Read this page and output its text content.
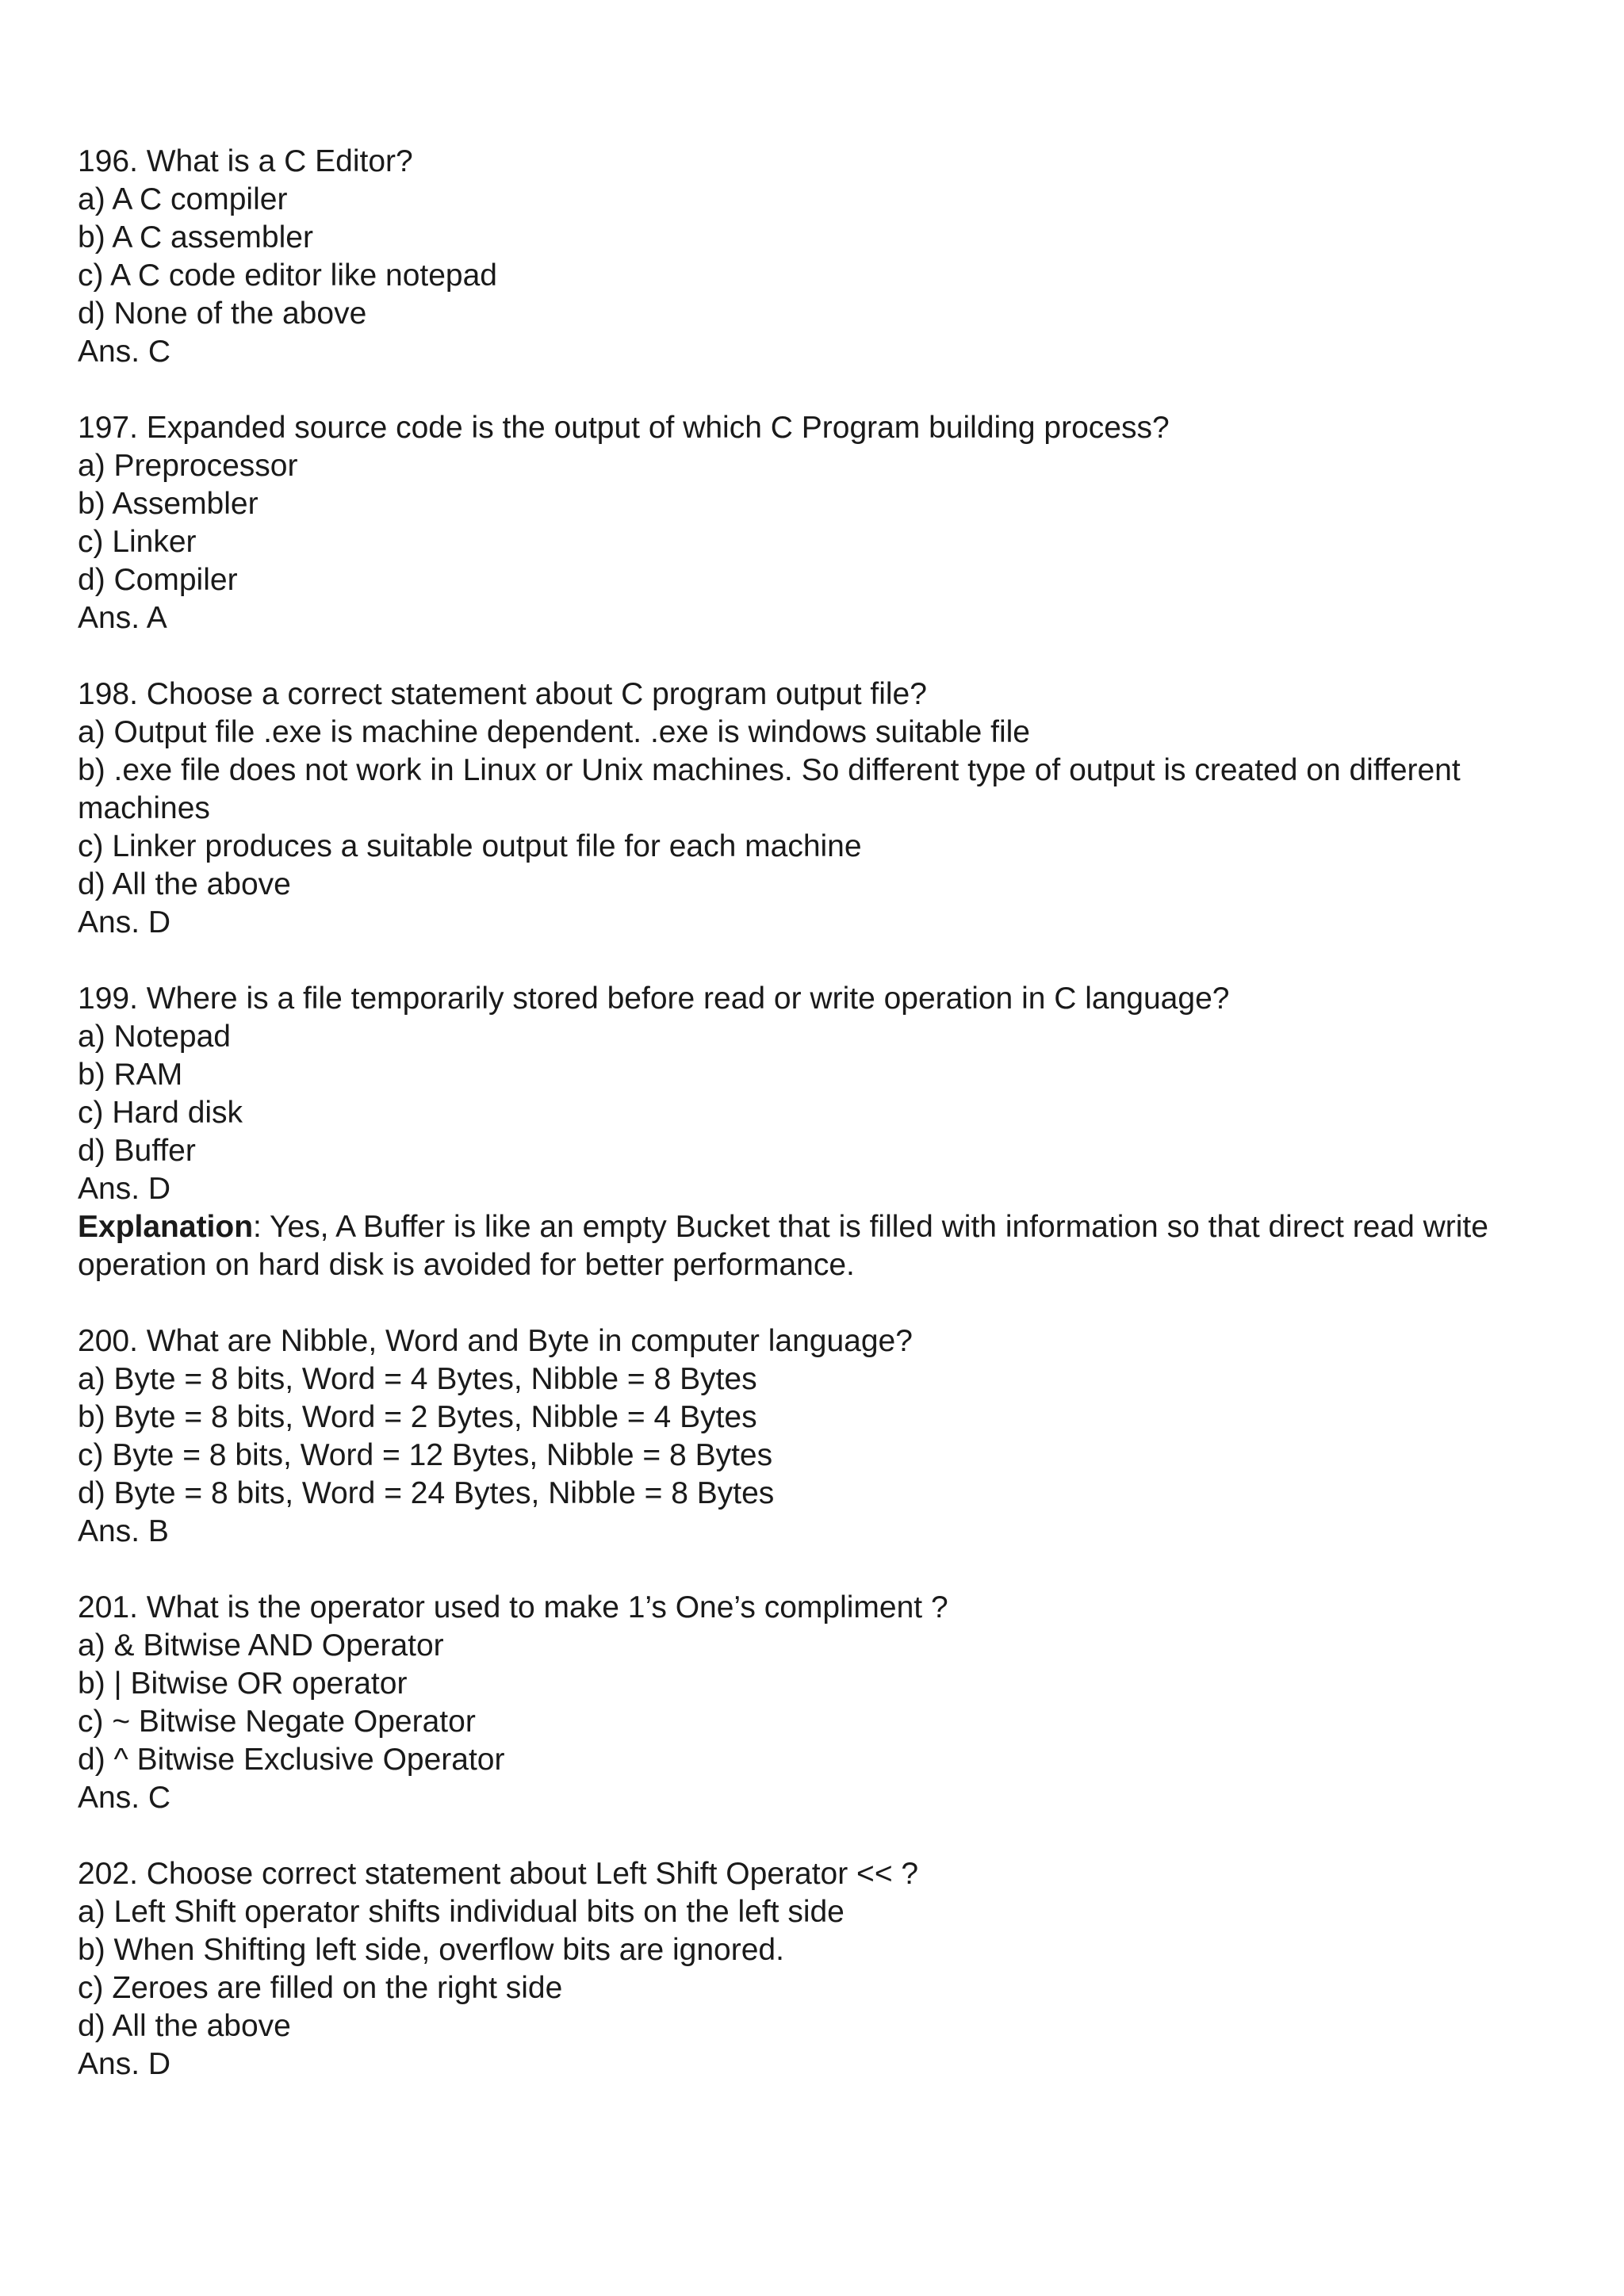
196. What is a C Editor?
a) A C compiler
b) A C assembler
c) A C code editor like notepad
d) None of the above
Ans. C
197. Expanded source code is the output of which C Program building process?
a) Preprocessor
b) Assembler
c) Linker
d) Compiler
Ans. A
198. Choose a correct statement about C program output file?
a) Output file .exe is machine dependent. .exe is windows suitable file
b) .exe file does not work in Linux or Unix machines. So different type of output is created on different machines
c) Linker produces a suitable output file for each machine
d) All the above
Ans. D
199. Where is a file temporarily stored before read or write operation in C language?
a) Notepad
b) RAM
c) Hard disk
d) Buffer
Ans. D
Explanation: Yes, A Buffer is like an empty Bucket that is filled with information so that direct read write operation on hard disk is avoided for better performance.
200. What are Nibble, Word and Byte in computer language?
a) Byte = 8 bits, Word = 4 Bytes, Nibble = 8 Bytes
b) Byte = 8 bits, Word = 2 Bytes, Nibble = 4 Bytes
c) Byte = 8 bits, Word = 12 Bytes, Nibble = 8 Bytes
d) Byte = 8 bits, Word = 24 Bytes, Nibble = 8 Bytes
Ans. B
201. What is the operator used to make 1’s One’s compliment ?
a) & Bitwise AND Operator
b) | Bitwise OR operator
c) ~ Bitwise Negate Operator
d) ^ Bitwise Exclusive Operator
Ans. C
202. Choose correct statement about Left Shift Operator << ?
a) Left Shift operator shifts individual bits on the left side
b) When Shifting left side, overflow bits are ignored.
c) Zeroes are filled on the right side
d) All the above
Ans. D
